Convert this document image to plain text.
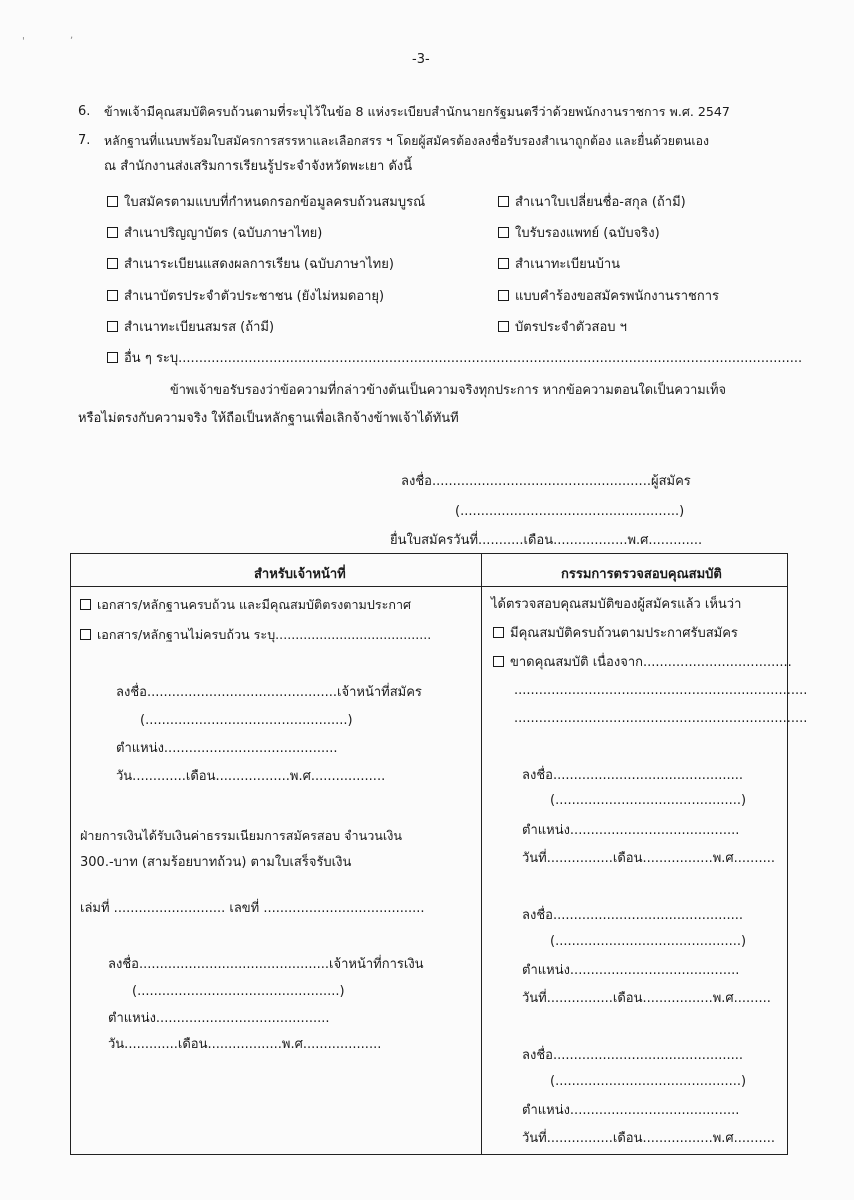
'
,
-3-
6. ข้าพเจ้ามีคุณสมบัติครบถ้วนตามที่ระบุไว้ในข้อ 8 แห่งระเบียบสำนักนายกรัฐมนตรีว่าด้วยพนักงานราชการ พ.ศ. 2547
7. หลักฐานที่แนบพร้อมใบสมัครการสรรหาและเลือกสรร ฯ โดยผู้สมัครต้องลงชื่อรับรองสำเนาถูกต้อง และยื่นด้วยตนเอง
ณ สำนักงานส่งเสริมการเรียนรู้ประจำจังหวัดพะเยา ดังนี้
ใบสมัครตามแบบที่กำหนดกรอกข้อมูลครบถ้วนสมบูรณ์
สำเนาปริญญาบัตร (ฉบับภาษาไทย)
สำเนาระเบียนแสดงผลการเรียน (ฉบับภาษาไทย)
สำเนาบัตรประจำตัวประชาชน (ยังไม่หมดอายุ)
สำเนาทะเบียนสมรส (ถ้ามี)
สำเนาใบเปลี่ยนชื่อ-สกุล (ถ้ามี)
ใบรับรองแพทย์ (ฉบับจริง)
สำเนาทะเบียนบ้าน
แบบคำร้องขอสมัครพนักงานราชการ
บัตรประจำตัวสอบ ฯ
อื่น ๆ ระบุ.......................................................................................................................................................
ข้าพเจ้าขอรับรองว่าข้อความที่กล่าวข้างต้นเป็นความจริงทุกประการ หากข้อความตอนใดเป็นความเท็จ
หรือไม่ตรงกับความจริง ให้ถือเป็นหลักฐานเพื่อเลิกจ้างข้าพเจ้าได้ทันที
ลงชื่อ.....................................................ผู้สมัคร
(.....................................................)
ยื่นใบสมัครวันที่...........เดือน..................พ.ศ.............
สำหรับเจ้าหน้าที่	กรรมการตรวจสอบคุณสมบัติ
เอกสาร/หลักฐานครบถ้วน และมีคุณสมบัติตรงตามประกาศ
เอกสาร/หลักฐานไม่ครบถ้วน ระบุ.......................................
ลงชื่อ..............................................เจ้าหน้าที่สมัคร
(.................................................)
ตำแหน่ง..........................................
วัน.............เดือน..................พ.ศ..................
ฝ่ายการเงินได้รับเงินค่าธรรมเนียมการสมัครสอบ จำนวนเงิน
300.-บาท (สามร้อยบาทถ้วน) ตามใบเสร็จรับเงิน
เล่มที่ ........................... เลขที่ .......................................
ลงชื่อ..............................................เจ้าหน้าที่การเงิน
(.................................................)
ตำแหน่ง..........................................
วัน.............เดือน..................พ.ศ...................
ได้ตรวจสอบคุณสมบัติของผู้สมัครแล้ว เห็นว่า
มีคุณสมบัติครบถ้วนตามประกาศรับสมัคร
ขาดคุณสมบัติ เนื่องจาก....................................
.......................................................................
.......................................................................
ลงชื่อ..............................................
(.............................................)
ตำแหน่ง.........................................
วันที่................เดือน.................พ.ศ..........
ลงชื่อ..............................................
(.............................................)
ตำแหน่ง.........................................
วันที่................เดือน.................พ.ศ.........
ลงชื่อ..............................................
(.............................................)
ตำแหน่ง.........................................
วันที่................เดือน.................พ.ศ..........
